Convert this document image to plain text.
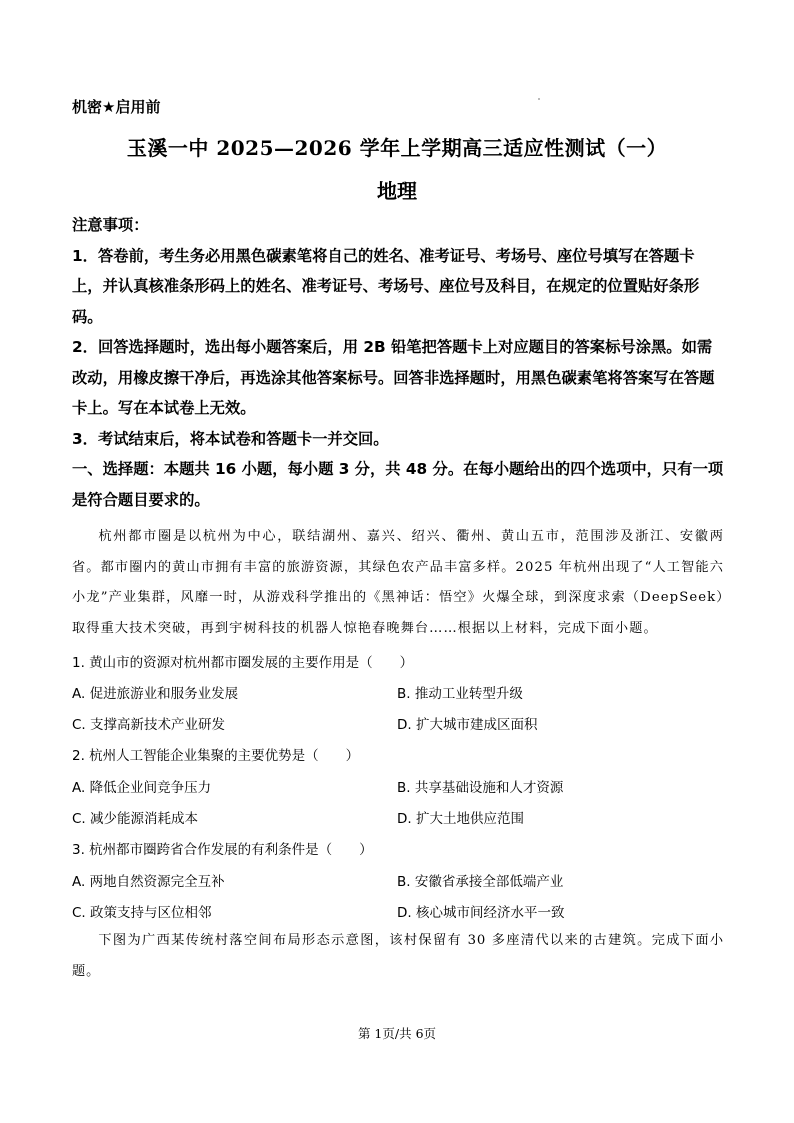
机密★启用前
玉溪一中 2025—2026 学年上学期高三适应性测试（一）
地理

注意事项：

1．答卷前，考生务必用黑色碳素笔将自己的姓名、准考证号、考场号、座位号填写在答题卡上，并认真核准条形码上的姓名、准考证号、考场号、座位号及科目，在规定的位置贴好条形码。

2．回答选择题时，选出每小题答案后，用 2B 铅笔把答题卡上对应题目的答案标号涂黑。如需改动，用橡皮擦干净后，再选涂其他答案标号。回答非选择题时，用黑色碳素笔将答案写在答题卡上。写在本试卷上无效。

3．考试结束后，将本试卷和答题卡一并交回。

一、选择题：本题共 16 小题，每小题 3 分，共 48 分。在每小题给出的四个选项中，只有一项是符合题目要求的。

杭州都市圈是以杭州为中心，联结湖州、嘉兴、绍兴、衢州、黄山五市，范围涉及浙江、安徽两省。都市圈内的黄山市拥有丰富的旅游资源，其绿色农产品丰富多样。2025 年杭州出现了“人工智能六小龙”产业集群，风靡一时，从游戏科学推出的《黑神话：悟空》火爆全球，到深度求索（DeepSeek）取得重大技术突破，再到宇树科技的机器人惊艳春晚舞台……根据以上材料，完成下面小题。
1. 黄山市的资源对杭州都市圈发展的主要作用是（　　）
A. 促进旅游业和服务业发展	B. 推动工业转型升级
C. 支撑高新技术产业研发	D. 扩大城市建成区面积
2. 杭州人工智能企业集聚的主要优势是（　　）
A. 降低企业间竞争压力	B. 共享基础设施和人才资源
C. 减少能源消耗成本	D. 扩大土地供应范围
3. 杭州都市圈跨省合作发展的有利条件是（　　）
A. 两地自然资源完全互补	B. 安徽省承接全部低端产业
C. 政策支持与区位相邻	D. 核心城市间经济水平一致
下图为广西某传统村落空间布局形态示意图，该村保留有 30 多座清代以来的古建筑。完成下面小题。
第 1页/共 6页
